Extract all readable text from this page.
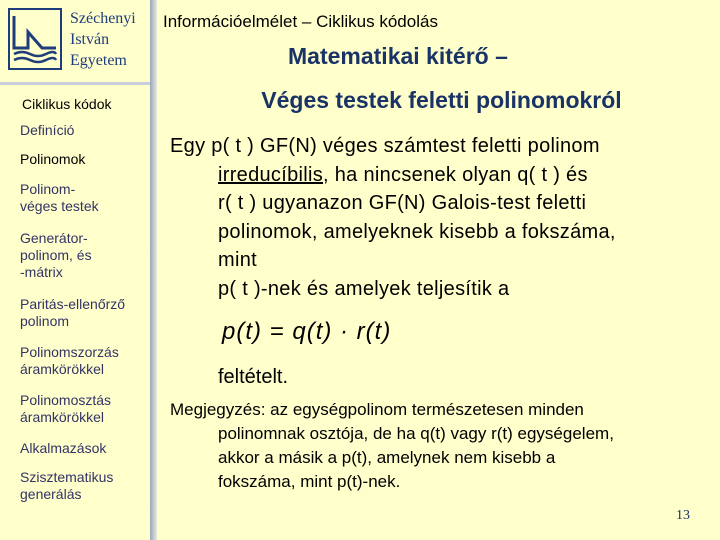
Széchenyi
István
Egyetem
Információelmélet – Ciklikus kódolás
Ciklikus kódok
Definíció
Polinomok
Polinom-
véges testek
Generátor-
polinom, és
-mátrix
Paritás-ellenőrző
polinom
Polinomszorzás
áramkörökkel
Polinomosztás
áramkörökkel
Alkalmazások
Szisztematikus
generálás
Matematikai kitérő –
Véges testek feletti polinomokról
Egy p( t ) GF(N) véges számtest feletti polinom
irreducíbilis, ha nincsenek olyan q( t ) és
r( t ) ugyanazon GF(N) Galois-test feletti
polinomok, amelyeknek kisebb a fokszáma,
mint
p( t )-nek és amelyek teljesítik a
p(t) = q(t) · r(t)
feltételt.
Megjegyzés: az egységpolinom természetesen minden
polinomnak osztója, de ha q(t) vagy r(t) egységelem,
akkor a másik a p(t), amelynek nem kisebb a
fokszáma, mint p(t)-nek.
13
